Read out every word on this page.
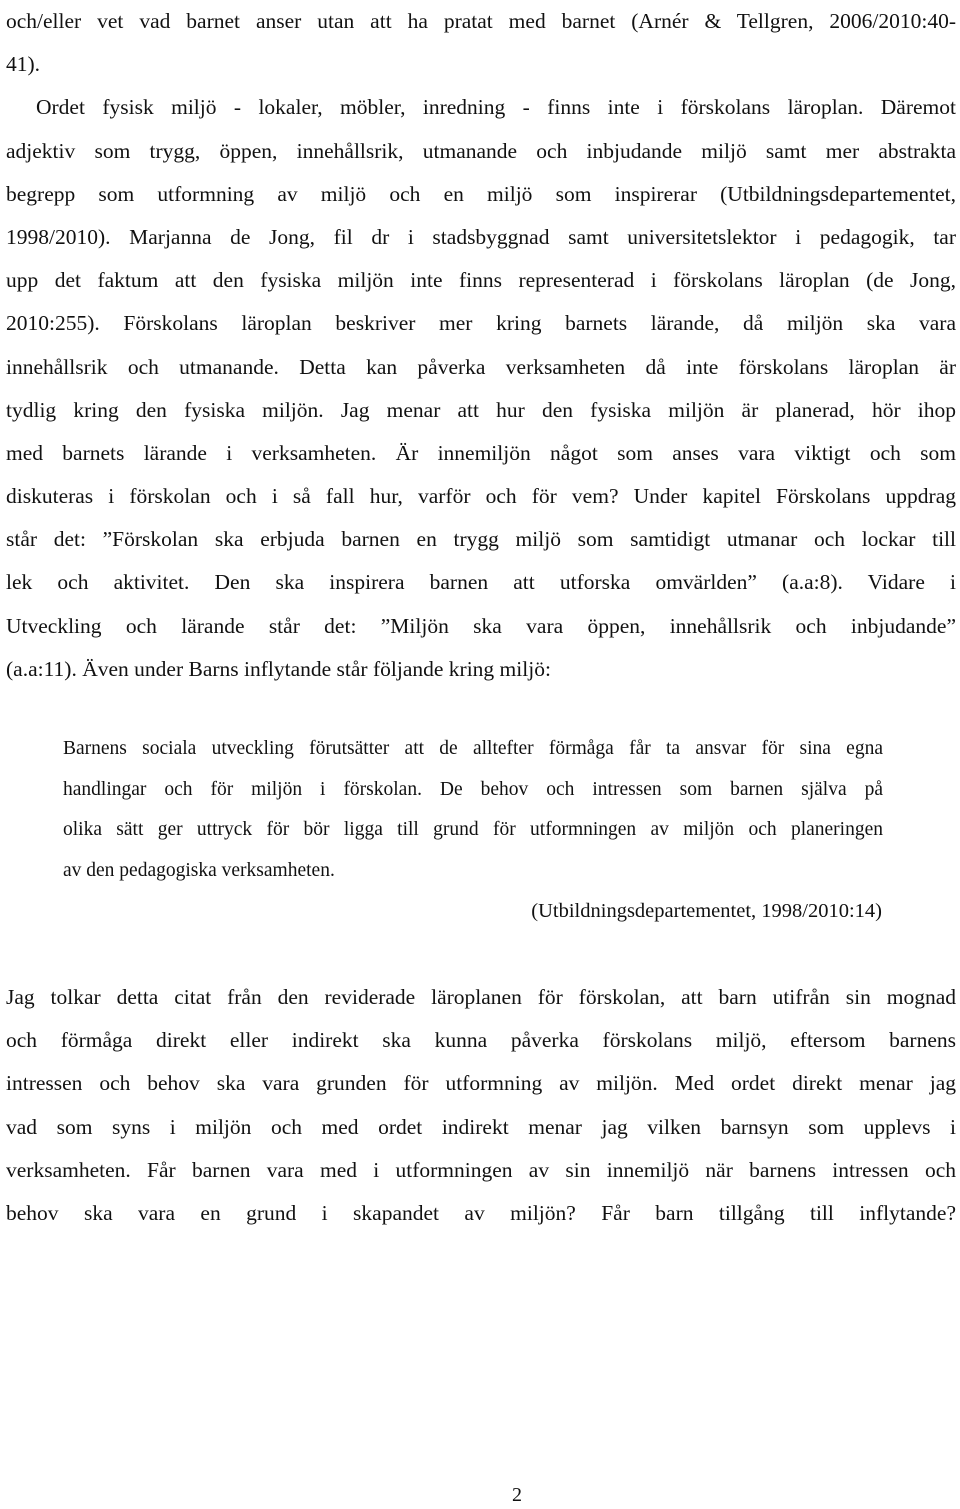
och/eller vet vad barnet anser utan att ha pratat med barnet (Arnér & Tellgren, 2006/2010:40-
41).
Ordet fysisk miljö - lokaler, möbler, inredning - finns inte i förskolans läroplan. Däremot
adjektiv som trygg, öppen, innehållsrik, utmanande och inbjudande miljö samt mer abstrakta
begrepp som utformning av miljö och en miljö som inspirerar (Utbildningsdepartementet,
1998/2010). Marjanna de Jong, fil dr i stadsbyggnad samt universitetslektor i pedagogik, tar
upp det faktum att den fysiska miljön inte finns representerad i förskolans läroplan (de Jong,
2010:255). Förskolans läroplan beskriver mer kring barnets lärande, då miljön ska vara
innehållsrik och utmanande. Detta kan påverka verksamheten då inte förskolans läroplan är
tydlig kring den fysiska miljön. Jag menar att hur den fysiska miljön är planerad, hör ihop
med barnets lärande i verksamheten. Är innemiljön något som anses vara viktigt och som
diskuteras i förskolan och i så fall hur, varför och för vem? Under kapitel Förskolans uppdrag
står det: ”Förskolan ska erbjuda barnen en trygg miljö som samtidigt utmanar och lockar till
lek och aktivitet. Den ska inspirera barnen att utforska omvärlden” (a.a:8). Vidare i
Utveckling och lärande står det: ”Miljön ska vara öppen, innehållsrik och inbjudande”
(a.a:11). Även under Barns inflytande står följande kring miljö:
Barnens sociala utveckling förutsätter att de alltefter förmåga får ta ansvar för sina egna
handlingar och för miljön i förskolan. De behov och intressen som barnen själva på
olika sätt ger uttryck för bör ligga till grund för utformningen av miljön och planeringen
av den pedagogiska verksamheten.
(Utbildningsdepartementet, 1998/2010:14)
Jag tolkar detta citat från den reviderade läroplanen för förskolan, att barn utifrån sin mognad
och förmåga direkt eller indirekt ska kunna påverka förskolans miljö, eftersom barnens
intressen och behov ska vara grunden för utformning av miljön. Med ordet direkt menar jag
vad som syns i miljön och med ordet indirekt menar jag vilken barnsyn som upplevs i
verksamheten. Får barnen vara med i utformningen av sin innemiljö när barnens intressen och
behov ska vara en grund i skapandet av miljön? Får barn tillgång till inflytande?
2
